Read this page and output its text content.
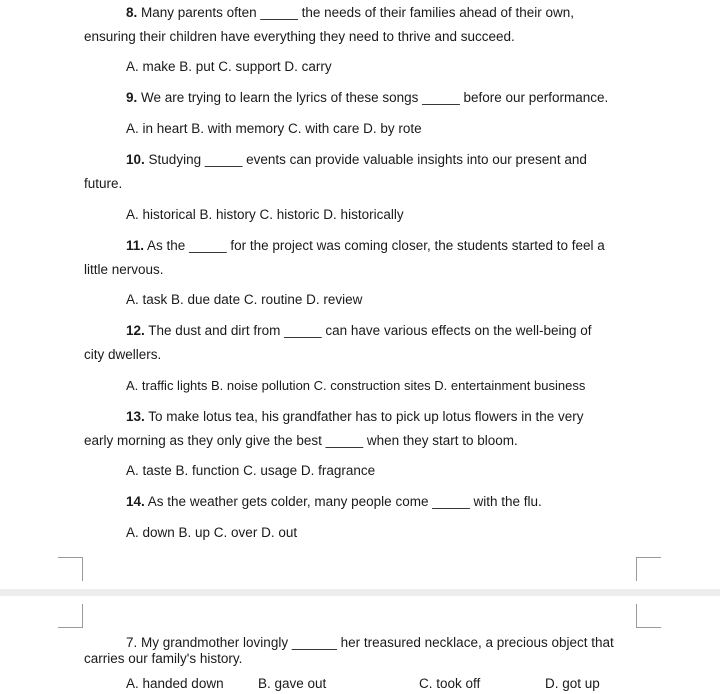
8. Many parents often _____ the needs of their families ahead of their own,
ensuring their children have everything they need to thrive and succeed.
A. make B. put C. support D. carry
9. We are trying to learn the lyrics of these songs _____ before our performance.
A. in heart B. with memory C. with care D. by rote
10. Studying _____ events can provide valuable insights into our present and
future.
A. historical B. history C. historic D. historically
11. As the _____ for the project was coming closer, the students started to feel a
little nervous.
A. task B. due date C. routine D. review
12. The dust and dirt from _____ can have various effects on the well-being of
city dwellers.
A. traffic lights B. noise pollution C. construction sites D. entertainment business
13. To make lotus tea, his grandfather has to pick up lotus flowers in the very
early morning as they only give the best _____ when they start to bloom.
A. taste B. function C. usage D. fragrance
14. As the weather gets colder, many people come _____ with the flu.
A. down B. up C. over D. out
7. My grandmother lovingly ______ her treasured necklace, a precious object that
carries our family's history.
A. handed down	B. gave out	C. took off	D. got up
